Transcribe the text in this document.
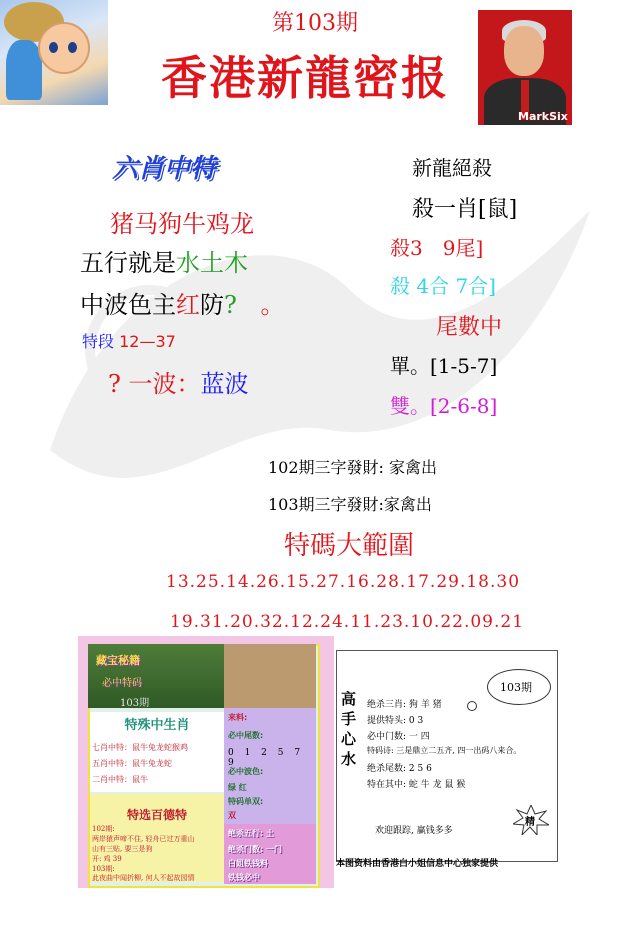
第103期
香港新龍密报
MarkSix
六肖中特
猪马狗牛鸡龙
五行就是水土木
中波色主红防? 。
特段 12—37
? 一波：蓝波
新龍絕殺
殺一肖[鼠]
殺3　9尾]
殺 4合 7合]
尾數中
單。[1-5-7]
雙。[2-6-8]
102期三字發財: 家禽出
103期三字發財:家禽出
特碼大範圍
13.25.14.26.15.27.16.28.17.29.18.30
19.31.20.32.12.24.11.23.10.22.09.21
藏宝秘籍
必中特码
103期
特殊中生肖
七肖中特：鼠牛兔龙蛇猴鸡
五肖中特：鼠牛兔龙蛇
二肖中特：鼠牛
特选百德特
102期:
两岸猿声啼不住, 轻舟已过万重山
山有三贴, 要三是狗
开: 鸡 39
103期:
此夜曲中闻折柳, 何人不起故园情
来料:
必中尾数:
0 1 2 5 7 9
必中波色:
绿 红
特码单双:
双
绝杀五行: 土
绝杀门数: 一门
白姐铁钱料
铁钱必中
高
手
心
水
103期
绝杀三肖: 狗 羊 猪
提供特头: 0 3
必中门数: 一 四
特码诗: 三是鼎立二五齐, 四一出码八来合。
绝杀尾数: 2 5 6
特在其中: 蛇 牛 龙 鼠 猴
欢迎跟踪, 赢钱多多
精
本图资料由香港白小姐信息中心独家提供
